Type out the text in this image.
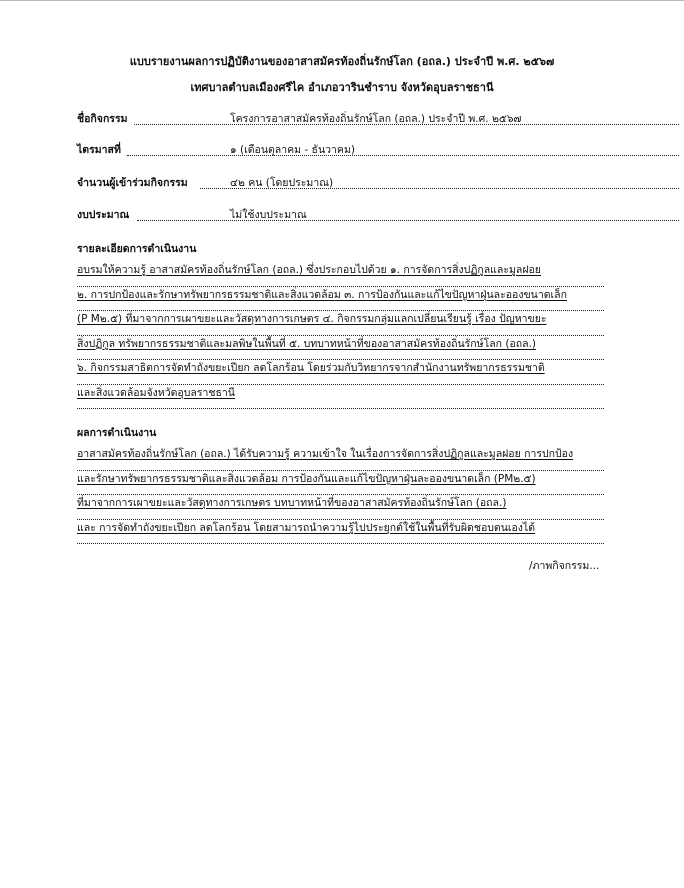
แบบรายงานผลการปฏิบัติงานของอาสาสมัครท้องถิ่นรักษ์โลก (อถล.) ประจำปี พ.ศ. ๒๕๖๗
เทศบาลตำบลเมืองศรีไค อำเภอวารินชำราบ จังหวัดอุบลราชธานี
ชื่อกิจกรรม	โครงการอาสาสมัครท้องถิ่นรักษ์โลก (อถล.) ประจำปี พ.ศ. ๒๕๖๗
ไตรมาสที่	๑ (เดือนตุลาคม - ธันวาคม)
จำนวนผู้เข้าร่วมกิจกรรม	๔๒ คน (โดยประมาณ)
งบประมาณ	ไม่ใช้งบประมาณ
รายละเอียดการดำเนินงาน
อบรมให้ความรู้ อาสาสมัครท้องถิ่นรักษ์โลก (อถล.) ซึ่งประกอบไปด้วย ๑. การจัดการสิ่งปฏิกูลและมูลฝอย
๒. การปกป้องและรักษาทรัพยากรธรรมชาติและสิ่งแวดล้อม ๓. การป้องกันและแก้ไขปัญหาฝุ่นละอองขนาดเล็ก
(P M๒.๕) ที่มาจากการเผาขยะและวัสดุทางการเกษตร ๔. กิจกรรมกลุ่มแลกเปลี่ยนเรียนรู้ เรื่อง ปัญหาขยะ
สิ่งปฏิกูล ทรัพยากรธรรมชาติและมลพิษในพื้นที่ ๕. บทบาทหน้าที่ของอาสาสมัครท้องถิ่นรักษ์โลก (อถล.)
๖. กิจกรรมสาธิตการจัดทำถังขยะเปียก ลดโลกร้อน โดยร่วมกับวิทยากรจากสำนักงานทรัพยากรธรรมชาติ
และสิ่งแวดล้อมจังหวัดอุบลราชธานี
ผลการดำเนินงาน
อาสาสมัครท้องถิ่นรักษ์โลก (อถล.) ได้รับความรู้ ความเข้าใจ ในเรื่องการจัดการสิ่งปฏิกูลและมูลฝอย การปกป้อง
และรักษาทรัพยากรธรรมชาติและสิ่งแวดล้อม การป้องกันและแก้ไขปัญหาฝุ่นละอองขนาดเล็ก (PM๒.๕)
ที่มาจากการเผาขยะและวัสดุทางการเกษตร บทบาทหน้าที่ของอาสาสมัครท้องถิ่นรักษ์โลก (อถล.)
และ การจัดทำถังขยะเปียก ลดโลกร้อน โดยสามารถนำความรู้ไปประยุกต์ใช้ในพื้นที่รับผิดชอบตนเองได้
/ภาพกิจกรรม...
